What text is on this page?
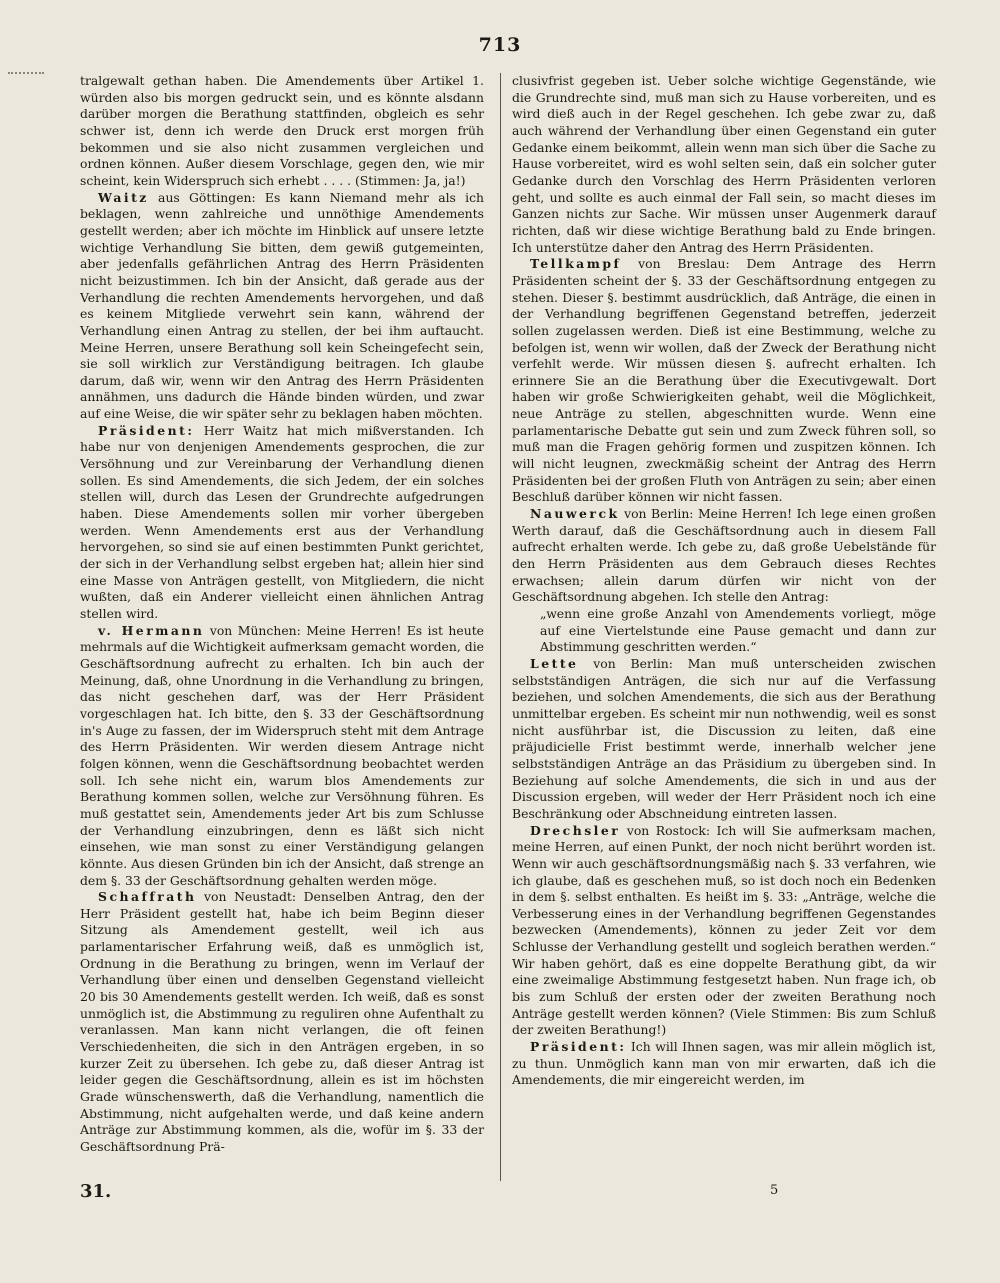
713

tralgewalt gethan haben. Die Amendements über Artikel 1. würden also bis morgen gedruckt sein, und es könnte alsdann darüber morgen die Berathung stattfinden, obgleich es sehr schwer ist, denn ich werde den Druck erst morgen früh bekommen und sie also nicht zusammen vergleichen und ordnen können. Außer diesem Vorschlage, gegen den, wie mir scheint, kein Widerspruch sich erhebt . . . . (Stimmen: Ja, ja!)

Waitz aus Göttingen: Es kann Niemand mehr als ich beklagen, wenn zahlreiche und unnöthige Amendements gestellt werden; aber ich möchte im Hinblick auf unsere letzte wichtige Verhandlung Sie bitten, dem gewiß gutgemeinten, aber jedenfalls gefährlichen Antrag des Herrn Präsidenten nicht beizustimmen. Ich bin der Ansicht, daß gerade aus der Verhandlung die rechten Amendements hervorgehen, und daß es keinem Mitgliede verwehrt sein kann, während der Verhandlung einen Antrag zu stellen, der bei ihm auftaucht. Meine Herren, unsere Berathung soll kein Scheingefecht sein, sie soll wirklich zur Verständigung beitragen. Ich glaube darum, daß wir, wenn wir den Antrag des Herrn Präsidenten annähmen, uns dadurch die Hände binden würden, und zwar auf eine Weise, die wir später sehr zu beklagen haben möchten.

Präsident: Herr Waitz hat mich mißverstanden. Ich habe nur von denjenigen Amendements gesprochen, die zur Versöhnung und zur Vereinbarung der Verhandlung dienen sollen. Es sind Amendements, die sich Jedem, der ein solches stellen will, durch das Lesen der Grundrechte aufgedrungen haben. Diese Amendements sollen mir vorher übergeben werden. Wenn Amendements erst aus der Verhandlung hervorgehen, so sind sie auf einen bestimmten Punkt gerichtet, der sich in der Verhandlung selbst ergeben hat; allein hier sind eine Masse von Anträgen gestellt, von Mitgliedern, die nicht wußten, daß ein Anderer vielleicht einen ähnlichen Antrag stellen wird.

v. Hermann von München: Meine Herren! Es ist heute mehrmals auf die Wichtigkeit aufmerksam gemacht worden, die Geschäftsordnung aufrecht zu erhalten. Ich bin auch der Meinung, daß, ohne Unordnung in die Verhandlung zu bringen, das nicht geschehen darf, was der Herr Präsident vorgeschlagen hat. Ich bitte, den §. 33 der Geschäftsordnung in's Auge zu fassen, der im Widerspruch steht mit dem Antrage des Herrn Präsidenten. Wir werden diesem Antrage nicht folgen können, wenn die Geschäftsordnung beobachtet werden soll. Ich sehe nicht ein, warum blos Amendements zur Berathung kommen sollen, welche zur Versöhnung führen. Es muß gestattet sein, Amendements jeder Art bis zum Schlusse der Verhandlung einzubringen, denn es läßt sich nicht einsehen, wie man sonst zu einer Verständigung gelangen könnte. Aus diesen Gründen bin ich der Ansicht, daß strenge an dem §. 33 der Geschäftsordnung gehalten werden möge.

Schaffrath von Neustadt: Denselben Antrag, den der Herr Präsident gestellt hat, habe ich beim Beginn dieser Sitzung als Amendement gestellt, weil ich aus parlamentarischer Erfahrung weiß, daß es unmöglich ist, Ordnung in die Berathung zu bringen, wenn im Verlauf der Verhandlung über einen und denselben Gegenstand vielleicht 20 bis 30 Amendements gestellt werden. Ich weiß, daß es sonst unmöglich ist, die Abstimmung zu reguliren ohne Aufenthalt zu veranlassen. Man kann nicht verlangen, die oft feinen Verschiedenheiten, die sich in den Anträgen ergeben, in so kurzer Zeit zu übersehen. Ich gebe zu, daß dieser Antrag ist leider gegen die Geschäftsordnung, allein es ist im höchsten Grade wünschenswerth, daß die Verhandlung, namentlich die Abstimmung, nicht aufgehalten werde, und daß keine andern Anträge zur Abstimmung kommen, als die, wofür im §. 33 der Geschäftsordnung Prä-

clusivfrist gegeben ist. Ueber solche wichtige Gegenstände, wie die Grundrechte sind, muß man sich zu Hause vorbereiten, und es wird dieß auch in der Regel geschehen. Ich gebe zwar zu, daß auch während der Verhandlung über einen Gegenstand ein guter Gedanke einem beikommt, allein wenn man sich über die Sache zu Hause vorbereitet, wird es wohl selten sein, daß ein solcher guter Gedanke durch den Vorschlag des Herrn Präsidenten verloren geht, und sollte es auch einmal der Fall sein, so macht dieses im Ganzen nichts zur Sache. Wir müssen unser Augenmerk darauf richten, daß wir diese wichtige Berathung bald zu Ende bringen. Ich unterstütze daher den Antrag des Herrn Präsidenten.

Tellkampf von Breslau: Dem Antrage des Herrn Präsidenten scheint der §. 33 der Geschäftsordnung entgegen zu stehen. Dieser §. bestimmt ausdrücklich, daß Anträge, die einen in der Verhandlung begriffenen Gegenstand betreffen, jederzeit sollen zugelassen werden. Dieß ist eine Bestimmung, welche zu befolgen ist, wenn wir wollen, daß der Zweck der Berathung nicht verfehlt werde. Wir müssen diesen §. aufrecht erhalten. Ich erinnere Sie an die Berathung über die Executivgewalt. Dort haben wir große Schwierigkeiten gehabt, weil die Möglichkeit, neue Anträge zu stellen, abgeschnitten wurde. Wenn eine parlamentarische Debatte gut sein und zum Zweck führen soll, so muß man die Fragen gehörig formen und zuspitzen können. Ich will nicht leugnen, zweckmäßig scheint der Antrag des Herrn Präsidenten bei der großen Fluth von Anträgen zu sein; aber einen Beschluß darüber können wir nicht fassen.

Nauwerck von Berlin: Meine Herren! Ich lege einen großen Werth darauf, daß die Geschäftsordnung auch in diesem Fall aufrecht erhalten werde. Ich gebe zu, daß große Uebelstände für den Herrn Präsidenten aus dem Gebrauch dieses Rechtes erwachsen; allein darum dürfen wir nicht von der Geschäftsordnung abgehen. Ich stelle den Antrag:

„wenn eine große Anzahl von Amendements vorliegt, möge auf eine Viertelstunde eine Pause gemacht und dann zur Abstimmung geschritten werden.“

Lette von Berlin: Man muß unterscheiden zwischen selbstständigen Anträgen, die sich nur auf die Verfassung beziehen, und solchen Amendements, die sich aus der Berathung unmittelbar ergeben. Es scheint mir nun nothwendig, weil es sonst nicht ausführbar ist, die Discussion zu leiten, daß eine präjudicielle Frist bestimmt werde, innerhalb welcher jene selbstständigen Anträge an das Präsidium zu übergeben sind. In Beziehung auf solche Amendements, die sich in und aus der Discussion ergeben, will weder der Herr Präsident noch ich eine Beschränkung oder Abschneidung eintreten lassen.

Drechsler von Rostock: Ich will Sie aufmerksam machen, meine Herren, auf einen Punkt, der noch nicht berührt worden ist. Wenn wir auch geschäftsordnungsmäßig nach §. 33 verfahren, wie ich glaube, daß es geschehen muß, so ist doch noch ein Bedenken in dem §. selbst enthalten. Es heißt im §. 33: „Anträge, welche die Verbesserung eines in der Verhandlung begriffenen Gegenstandes bezwecken (Amendements), können zu jeder Zeit vor dem Schlusse der Verhandlung gestellt und sogleich berathen werden.“ Wir haben gehört, daß es eine doppelte Berathung gibt, da wir eine zweimalige Abstimmung festgesetzt haben. Nun frage ich, ob bis zum Schluß der ersten oder der zweiten Berathung noch Anträge gestellt werden können? (Viele Stimmen: Bis zum Schluß der zweiten Berathung!)

Präsident: Ich will Ihnen sagen, was mir allein möglich ist, zu thun. Unmöglich kann man von mir erwarten, daß ich die Amendements, die mir eingereicht werden, im

31.	5
